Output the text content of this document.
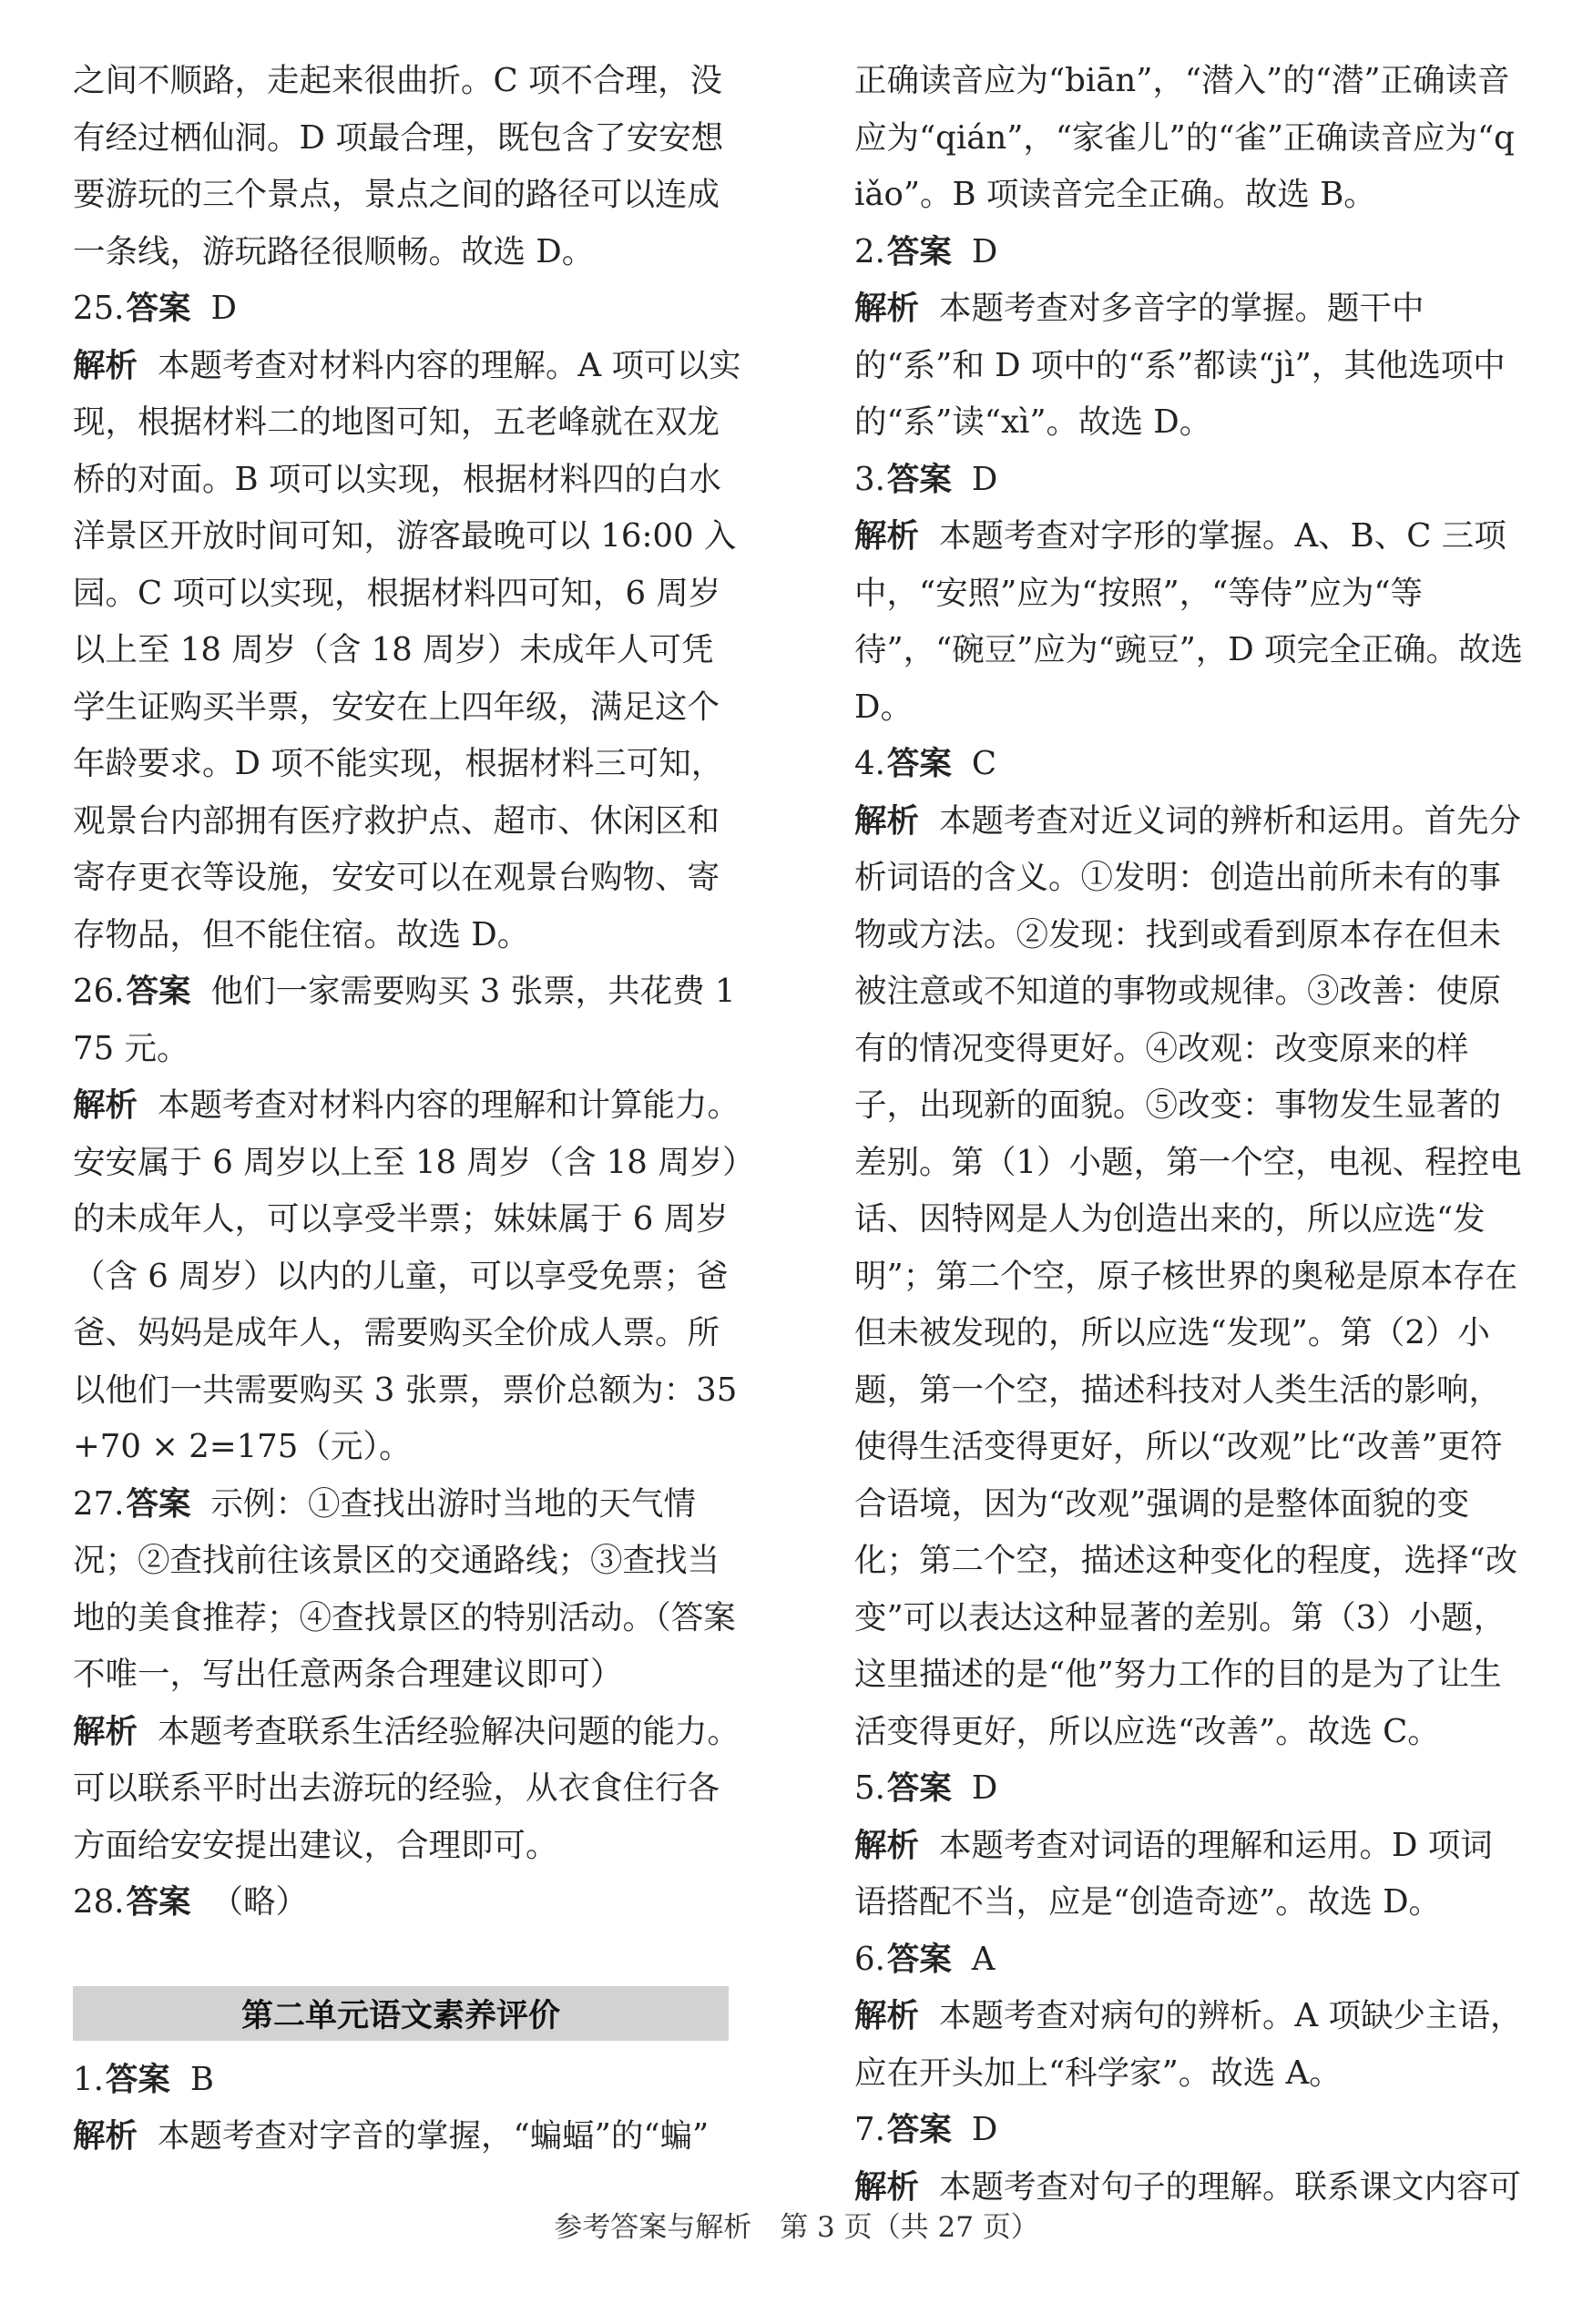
之间不顺路，走起来很曲折。C 项不合理，没有经过栖仙洞。D 项最合理，既包含了安安想要游玩的三个景点，景点之间的路径可以连成一条线，游玩路径很顺畅。故选 D。

25.答案 D

解析 本题考查对材料内容的理解。A 项可以实现，根据材料二的地图可知，五老峰就在双龙桥的对面。B 项可以实现，根据材料四的白水洋景区开放时间可知，游客最晚可以 16:00 入园。C 项可以实现，根据材料四可知，6 周岁以上至 18 周岁（含 18 周岁）未成年人可凭学生证购买半票，安安在上四年级，满足这个年龄要求。D 项不能实现，根据材料三可知，观景台内部拥有医疗救护点、超市、休闲区和寄存更衣等设施，安安可以在观景台购物、寄存物品，但不能住宿。故选 D。

26.答案 他们一家需要购买 3 张票，共花费 175 元。

解析 本题考查对材料内容的理解和计算能力。安安属于 6 周岁以上至 18 周岁（含 18 周岁）的未成年人，可以享受半票；妹妹属于 6 周岁（含 6 周岁）以内的儿童，可以享受免票；爸爸、妈妈是成年人，需要购买全价成人票。所以他们一共需要购买 3 张票，票价总额为：35+70 × 2=175（元）。

27.答案 示例：①查找出游时当地的天气情况；②查找前往该景区的交通路线；③查找当地的美食推荐；④查找景区的特别活动。（答案不唯一，写出任意两条合理建议即可）

解析 本题考查联系生活经验解决问题的能力。可以联系平时出去游玩的经验，从衣食住行各方面给安安提出建议，合理即可。

28.答案 （略）

第二单元语文素养评价

1.答案 B

解析 本题考查对字音的掌握，“蝙蝠”的“蝙”

正确读音应为“biān”，“潜入”的“潜”正确读音应为“qián”，“家雀儿”的“雀”正确读音应为“qiǎo”。B 项读音完全正确。故选 B。

2.答案 D

解析 本题考查对多音字的掌握。题干中的“系”和 D 项中的“系”都读“jì”，其他选项中的“系”读“xì”。故选 D。

3.答案 D

解析 本题考查对字形的掌握。A、B、C 三项中，“安照”应为“按照”，“等侍”应为“等待”，“碗豆”应为“豌豆”，D 项完全正确。故选 D。

4.答案 C

解析 本题考查对近义词的辨析和运用。首先分析词语的含义。①发明：创造出前所未有的事物或方法。②发现：找到或看到原本存在但未被注意或不知道的事物或规律。③改善：使原有的情况变得更好。④改观：改变原来的样子，出现新的面貌。⑤改变：事物发生显著的差别。第（1）小题，第一个空，电视、程控电话、因特网是人为创造出来的，所以应选“发明”；第二个空，原子核世界的奥秘是原本存在但未被发现的，所以应选“发现”。第（2）小题，第一个空，描述科技对人类生活的影响，使得生活变得更好，所以“改观”比“改善”更符合语境，因为“改观”强调的是整体面貌的变化；第二个空，描述这种变化的程度，选择“改变”可以表达这种显著的差别。第（3）小题，这里描述的是“他”努力工作的目的是为了让生活变得更好，所以应选“改善”。故选 C。

5.答案 D

解析 本题考查对词语的理解和运用。D 项词语搭配不当，应是“创造奇迹”。故选 D。

6.答案 A

解析 本题考查对病句的辨析。A 项缺少主语，应在开头加上“科学家”。故选 A。

7.答案 D

解析 本题考查对句子的理解。联系课文内容可

参考答案与解析　第 3 页（共 27 页）
